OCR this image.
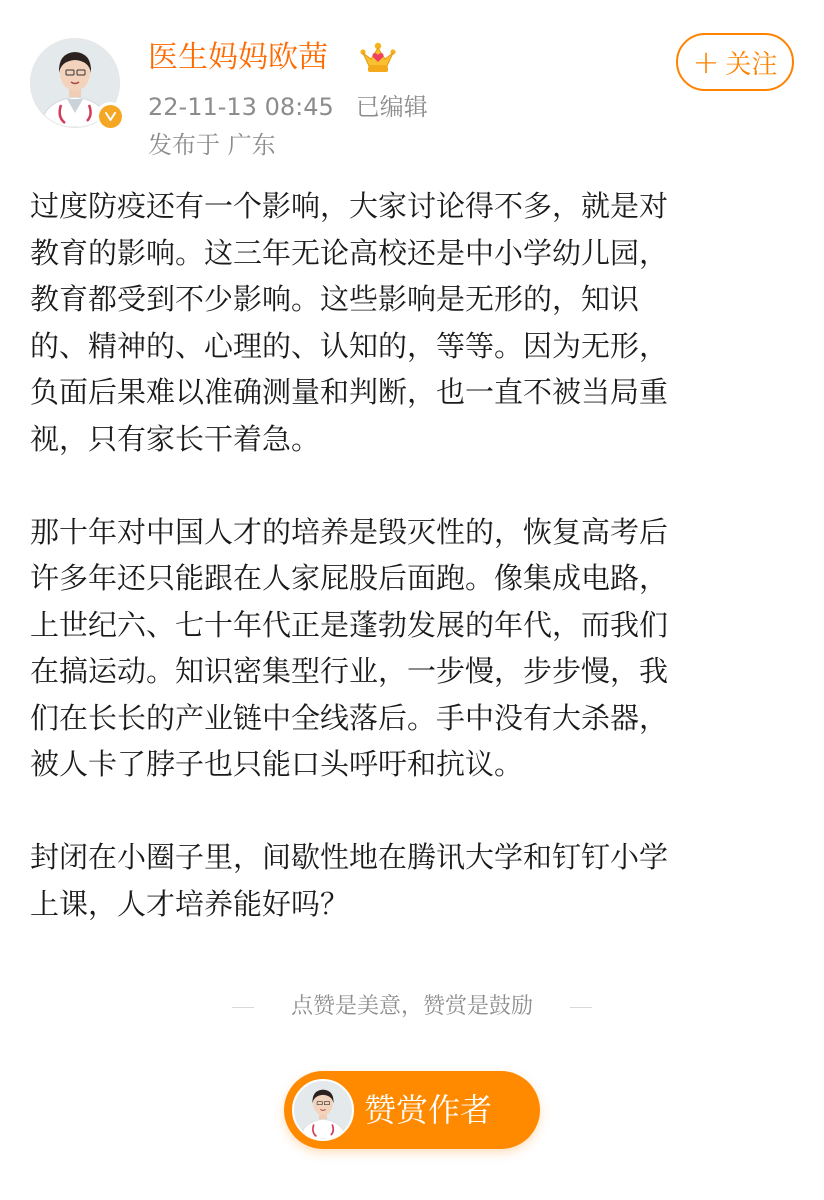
医生妈妈欧茜
22-11-13 08:45 已编辑
发布于 广东
+ 关注
过度防疫还有一个影响，大家讨论得不多，就是对
教育的影响。这三年无论高校还是中小学幼儿园，
教育都受到不少影响。这些影响是无形的，知识
的、精神的、心理的、认知的，等等。因为无形，
负面后果难以准确测量和判断，也一直不被当局重
视，只有家长干着急。
那十年对中国人才的培养是毁灭性的，恢复高考后
许多年还只能跟在人家屁股后面跑。像集成电路，
上世纪六、七十年代正是蓬勃发展的年代，而我们
在搞运动。知识密集型行业，一步慢，步步慢，我
们在长长的产业链中全线落后。手中没有大杀器，
被人卡了脖子也只能口头呼吁和抗议。
封闭在小圈子里，间歇性地在腾讯大学和钉钉小学
上课，人才培养能好吗？
点赞是美意，赞赏是鼓励
赞赏作者
